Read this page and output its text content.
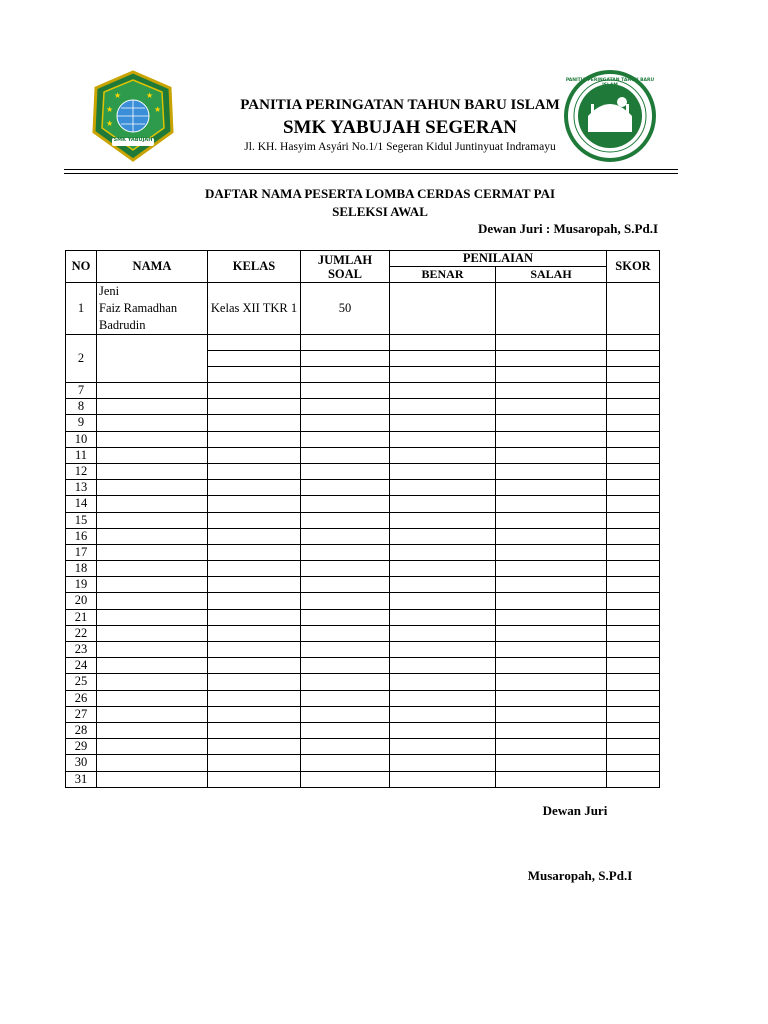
★
★
★
★
★
SMK YABUJAH
PANITIA PERINGATAN TAHUN BARU ISLAM
PANITIA PERINGATAN TAHUN BARU ISLAM
SMK YABUJAH SEGERAN
Jl. KH. Hasyim Asyári No.1/1 Segeran Kidul Juntinyuat Indramayu
DAFTAR NAMA PESERTA LOMBA CERDAS CERMAT PAI
SELEKSI AWAL
Dewan Juri : Musaropah, S.Pd.I
NO	NAMA	KELAS	JUMLAH SOAL	PENILAIAN		SKOR
				BENAR	SALAH	
1	Jeni
Faiz Ramadhan
Badrudin	Kelas XII TKR 1	50			
2						

7						
8						
9						
10						
11						
12						
13						
14						
15						
16						
17						
18						
19						
20						
21						
22						
23						
24						
25						
26						
27						
28						
29						
30						
31						
Dewan Juri
Musaropah, S.Pd.I
